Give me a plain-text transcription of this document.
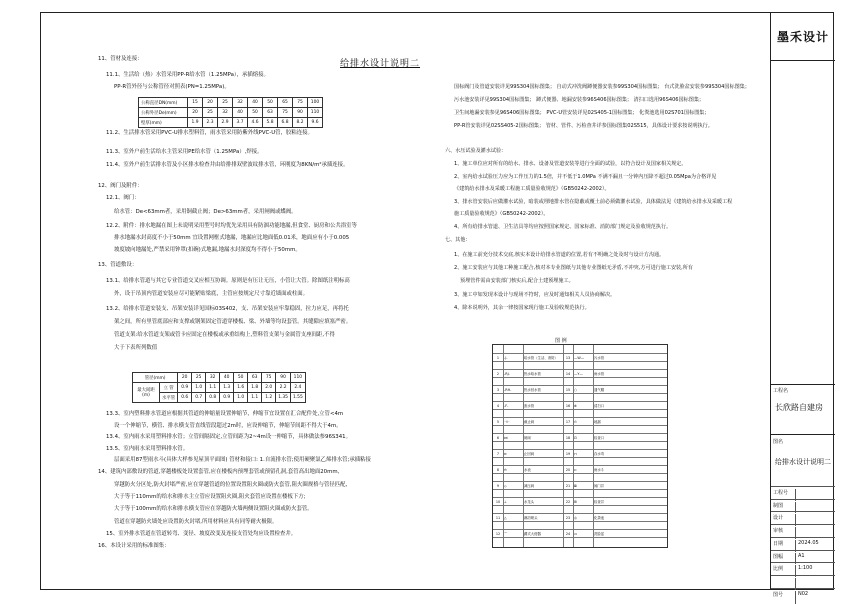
给排水设计说明二
11、管材及连接：
11.1、生活给（热）水管采用PP-R给水管（1.25MPa），承插熔接。
PP-R管外径与公称管径对照表(PN=1.25MPa)。
11.2、生活排水管采用PVC-U排水塑料管，雨水管采用防紫外线PVC-U管，胶粘连接。
11.3、室外户前生活给水主管采用PE给水管（1.25MPa）,焊接。
11.4、室外户前生活排水管及小区排水检查井由给排排双壁波纹排水管，环刚度为8KN/m²承插连接。
12、阀门及附件：
12.1、阀门：
给水管：De<63mm者，采用铜截止阀；De>63mm者，采用闸阀或蝶阀。
12.2、附件：排水地漏在图上未说明采用型号时均优先采用具有防涸功能地漏,但食堂、厨房和公共浴室等
排水地漏水封高度不小于50mm 宜设置网框式地漏，地漏应比地面低0.01米，地面应有小于0.005
坡度坡向地漏处,严禁采用钟罩(扣碗)式地漏,地漏水封深度均不得小于50mm。
13、管道敷设：
13.1、给排水管道与其它专业管道交叉应相互协调。原则是有压让无压，小管让大管。除图纸注明标高
外，设于吊顶内管道安装应尽可能紧贴梁底，主管应按规定尺寸靠近墙面或柱面。
13.2、给排水管道安装支、吊架安装详见国标03S402，支、吊架安装应牢靠稳固，拉力应足，再将托
架之间，所有里管底部应和支撑或钢架固定管道穿楼板、梁、外墙等均设套管。其缝隙应填塞严密。
管道支架:给水管道支架或管卡应固定在楼板或承重结构上,塑料管支架与金属管支座间距,不得
大于下表所列数值
13.3、室内塑料排水管道应根据其管道的伸缩量设置伸缩节，伸缩节宜设置在汇合配件处,立管<4m
设一个伸缩节，横管、排水横支管直线管段超过2m时，应设伸缩节，伸缩节间距不得大于4m。
13.4、室内雨水采用塑料排水管；立管间隔固定,立管间距为2~4m设一伸缩节，具体做法参96S341。
13.5、室内雨水采用塑料排水管。
层面采用87型雨水斗(具体大样参见屋顶平面图) 管材和接口: 1.自流排水管;使用硬聚氯乙烯排水管;承插粘接
14、建筑内部敷设的管道,穿越楼板处设置套管,应在楼板内预埋套管或预留孔洞,套管高出地面20mm,
穿越防火分区处,防火封堵严密,应在穿越管道的位置设置阻火圈或防火套管,阻火圈规格与管径匹配,
大于等于110mm的给水和排水主立管应设置阻火圈,阻火套管应设置在楼板下方;
大于等于100mm的给水和排水横支管应在穿越防火墙两侧设置阻火圈或防火套管。
管道在穿越防火墙处应设置防火封堵,所用材料应具有同等耐火极限。
15、室外排水管道在管道转弯、变径、坡度改变及连接支管处均应设置检查井。
16、本设计采用的标准图集：
公称直径DN(mm)	15	20	25	32	40	50	65	75	100
公称外径De(mm)	20	25	32	40	50	63	75	90	110
壁厚(mm)	1.9	2.3	2.9	3.7	4.6	5.8	6.8	8.2	9.6
管径(mm)		20	25	32	40	50	63	75	90	110
最大间距(m)	立 管	0.9	1.0	1.1	1.3	1.6	1.8	2.0	2.2	2.4
	水平管	0.6	0.7	0.8	0.9	1.0	1.1	1.2	1.35	1.55
国标阀门及管道安装详见99S304国标图集； 自动式冲洗阀蹲便器安装参99S304国标图集； 台式洗脸盆安装参99S304国标图集；
污水池安装详见99S304国标图集； 蹲式便器、地漏安装参96S406国标图集； 清扫口选用96S406国标图集；
卫生间地漏安装参见96S406国标图集； PVC-U管安装详见02S405-1国标图集； 化粪池选用02S701国标图集；
PP-R管安装详见02SS405-2国标图集； 管材、管件、污检查井详参国标图集02S515，具体设计要求按说明执行。
六、水压试验及灌水试验：
1、施工单位应对所有的给水、排水、设备及管道安装等进行全面的试验，以符合设计及国家相关规定。
2、室内给水试验压力应为工作压力的1.5倍，并不低于1.0MPa 不满不漏且一分钟内压降不超过0.05Mpa为合格详见
《建筑给水排水及采暖工程施工质量验收规范》（GB50242-2002）。
3、排水管安装后应做灌水试验，暗装或埋地排水管在隐蔽或覆土前必须做灌水试验，具体做法见《建筑给水排水及采暖工程
施工质量验收规范》（GB50242-2002）。
4、所有给排水管道、卫生洁具等均应按照国家规定、国家标准、消防部门规定及验收规范执行。
七、其他：
1、在施工前充分技术交底,核实本设计给排水管道的位置,若有不明确之处及时与设计方沟通。
2、施工安装应与其他工种施工配合,核对本专业图纸与其他专业图纸无矛盾,不冲突,方可进行施工安装,所有
预埋管件需由安装部门核实后,配合土建预埋施工。
3、施工中如发现本设计与现场不符时，应及时通知相关人员协商解决。
4、除本说明外，其余一律按国家现行施工及验收规范执行。
图 例
1	-J-	给水管（生活、消防）	13	—W—	污水管
2	-RJ-	热水给水管	14	—Y—	雨水管
3	-RH-	热水回水管	15	○	通气帽
4	-F-	废水管	16	⊗	清扫口
5	⊣⊢	截止阀	17	⊙	地漏
6	⋈	闸阀	18	⊡	检查口
7	⊳	止回阀	19	⊓	存水弯
8	⊖	水表	20	⊏	雨水斗
9	◇	减压阀	21	⊠	阀门井
10	⊥	水龙头	22	⊞	检查井
11	△	淋浴喷头	23	◎	化粪池
12	⌒	蹲式大便器	24	▭	洗脸盆
墨禾设计
工程名
长欣路自建房
图名
给排水设计说明二
工程号
制图
设计
审核
日期	2024.05
图幅	A1
比例	1:100
图号	N02
